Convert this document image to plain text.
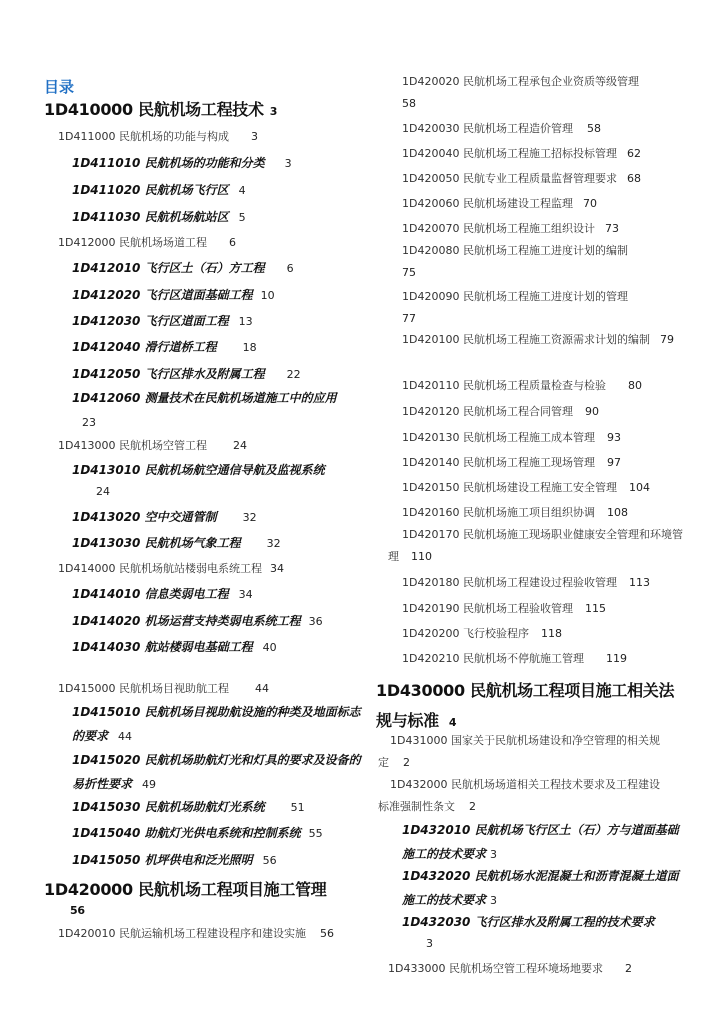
目录
1D410000 民航机场工程技术 3
1D411000 民航机场的功能与构成 3
1D411010 民航机场的功能和分类 3
1D411020 民航机场飞行区 4
1D411030 民航机场航站区 5
1D412000 民航机场场道工程 6
1D412010 飞行区土（石）方工程 6
1D412020 飞行区道面基础工程 10
1D412030 飞行区道面工程 13
1D412040 滑行道桥工程 18
1D412050 飞行区排水及附属工程 22
1D412060 测量技术在民航机场道施工中的应用23
1D413000 民航机场空管工程 24
1D413010 民航机场航空通信导航及监视系统
24
1D413020 空中交通管制 32
1D413030 民航机场气象工程 32
1D414000 民航机场航站楼弱电系统工程 34
1D414010 信息类弱电工程 34
1D414020 机场运营支持类弱电系统工程 36
1D414030 航站楼弱电基础工程 40
1D415000 民航机场目视助航工程 44
1D415010 民航机场目视助航设施的种类及地面标志的要求 44
1D415020 民航机场助航灯光和灯具的要求及设备的易折性要求 49
1D415030 民航机场助航灯光系统 51
1D415040 助航灯光供电系统和控制系统 55
1D415050 机坪供电和泛光照明 56
1D420000 民航机场工程项目施工管理
56
1D420010 民航运输机场工程建设程序和建设实施 56
1D420020 民航机场工程承包企业资质等级管理
58
1D420030 民航机场工程造价管理 58
1D420040 民航机场工程施工招标投标管理 62
1D420050 民航专业工程质量监督管理要求 68
1D420060 民航机场建设工程监理 70
1D420070 民航机场工程施工组织设计 73
1D420080 民航机场工程施工进度计划的编制
75
1D420090 民航机场工程施工进度计划的管理
77
1D420100 民航机场工程施工资源需求计划的编制 79
1D420110 民航机场工程质量检查与检验 80
1D420120 民航机场工程合同管理 90
1D420130 民航机场工程施工成本管理 93
1D420140 民航机场工程施工现场管理 97
1D420150 民航机场建设工程施工安全管理 104
1D420160 民航机场施工项目组织协调 108
1D420170 民航机场施工现场职业健康安全管理和环境管理 110
1D420180 民航机场工程建设过程验收管理 113
1D420190 民航机场工程验收管理 115
1D420200 飞行校验程序 118
1D420210 民航机场不停航施工管理 119
1D430000 民航机场工程项目施工相关法规与标准 4
1D431000 国家关于民航机场建设和净空管理的相关规定 2
1D432000 民航机场场道相关工程技术要求及工程建设标准强制性条文 2
1D432010 民航机场飞行区土（石）方与道面基础施工的技术要求 3
1D432020 民航机场水泥混凝土和沥青混凝土道面施工的技术要求 3
1D432030 飞行区排水及附属工程的技术要求
3
1D433000 民航机场空管工程环境场地要求 2
